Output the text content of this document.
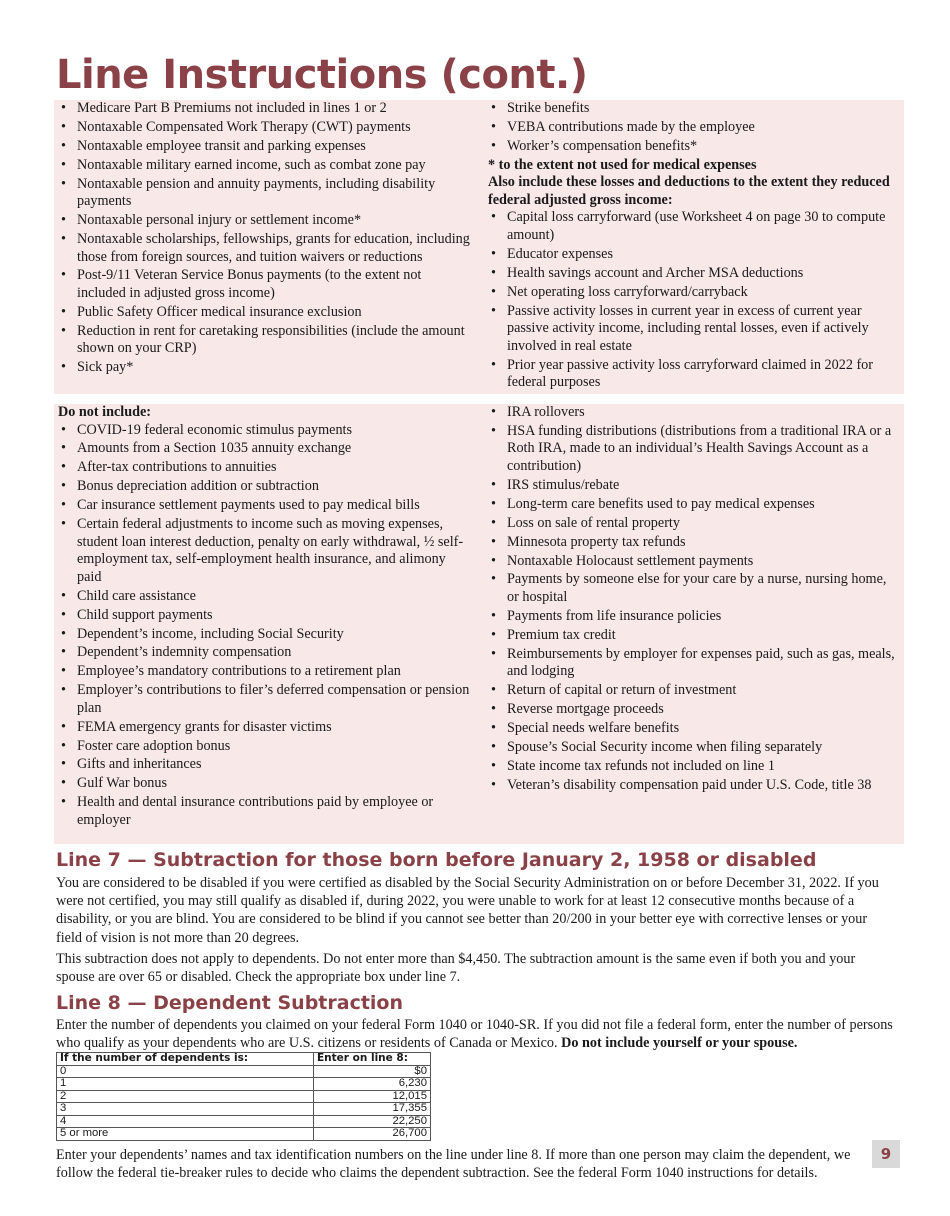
Line Instructions (cont.)
• Medicare Part B Premiums not included in lines 1 or 2
• Nontaxable Compensated Work Therapy (CWT) payments
• Nontaxable employee transit and parking expenses
• Nontaxable military earned income, such as combat zone pay
• Nontaxable pension and annuity payments, including disability payments
• Nontaxable personal injury or settlement income*
• Nontaxable scholarships, fellowships, grants for education, including those from foreign sources, and tuition waivers or reductions
• Post-9/11 Veteran Service Bonus payments (to the extent not included in adjusted gross income)
• Public Safety Officer medical insurance exclusion
• Reduction in rent for caretaking responsibilities (include the amount shown on your CRP)
• Sick pay*
• Strike benefits
• VEBA contributions made by the employee
• Worker’s compensation benefits*

* to the extent not used for medical expenses

Also include these losses and deductions to the extent they reduced federal adjusted gross income:

• Capital loss carryforward (use Worksheet 4 on page 30 to compute amount)
• Educator expenses
• Health savings account and Archer MSA deductions
• Net operating loss carryforward/carryback
• Passive activity losses in current year in excess of current year passive activity income, including rental losses, even if actively involved in real estate
• Prior year passive activity loss carryforward claimed in 2022 for federal purposes

Do not include:

• COVID-19 federal economic stimulus payments
• Amounts from a Section 1035 annuity exchange
• After-tax contributions to annuities
• Bonus depreciation addition or subtraction
• Car insurance settlement payments used to pay medical bills
• Certain federal adjustments to income such as moving expenses, student loan interest deduction, penalty on early withdrawal, ½ self-employment tax, self-employment health insurance, and alimony paid
• Child care assistance
• Child support payments
• Dependent’s income, including Social Security
• Dependent’s indemnity compensation
• Employee’s mandatory contributions to a retirement plan
• Employer’s contributions to filer’s deferred compensation or pension plan
• FEMA emergency grants for disaster victims
• Foster care adoption bonus
• Gifts and inheritances
• Gulf War bonus
• Health and dental insurance contributions paid by employee or employer
• IRA rollovers
• HSA funding distributions (distributions from a traditional IRA or a Roth IRA, made to an individual’s Health Savings Account as a contribution)
• IRS stimulus/rebate
• Long-term care benefits used to pay medical expenses
• Loss on sale of rental property
• Minnesota property tax refunds
• Nontaxable Holocaust settlement payments
• Payments by someone else for your care by a nurse, nursing home, or hospital
• Payments from life insurance policies
• Premium tax credit
• Reimbursements by employer for expenses paid, such as gas, meals, and lodging
• Return of capital or return of investment
• Reverse mortgage proceeds
• Special needs welfare benefits
• Spouse’s Social Security income when filing separately
• State income tax refunds not included on line 1
• Veteran’s disability compensation paid under U.S. Code, title 38
Line 7 — Subtraction for those born before January 2, 1958 or disabled

You are considered to be disabled if you were certified as disabled by the Social Security Administration on or before December 31, 2022. If you were not certified, you may still qualify as disabled if, during 2022, you were unable to work for at least 12 consecutive months because of a disability, or you are blind. You are considered to be blind if you cannot see better than 20/200 in your better eye with corrective lenses or your field of vision is not more than 20 degrees.

This subtraction does not apply to dependents. Do not enter more than $4,450. The subtraction amount is the same even if both you and your spouse are over 65 or disabled. Check the appropriate box under line 7.

Line 8 — Dependent Subtraction

Enter the number of dependents you claimed on your federal Form 1040 or 1040-SR. If you did not file a federal form, enter the number of persons who qualify as your dependents who are U.S. citizens or residents of Canada or Mexico. Do not include yourself or your spouse.

If the number of dependents is:	Enter on line 8:
0	$0
1	6,230
2	12,015
3	17,355
4	22,250
5 or more	26,700

Enter your dependents’ names and tax identification numbers on the line under line 8. If more than one person may claim the dependent, we follow the federal tie-breaker rules to decide who claims the dependent subtraction. See the federal Form 1040 instructions for details.

9
